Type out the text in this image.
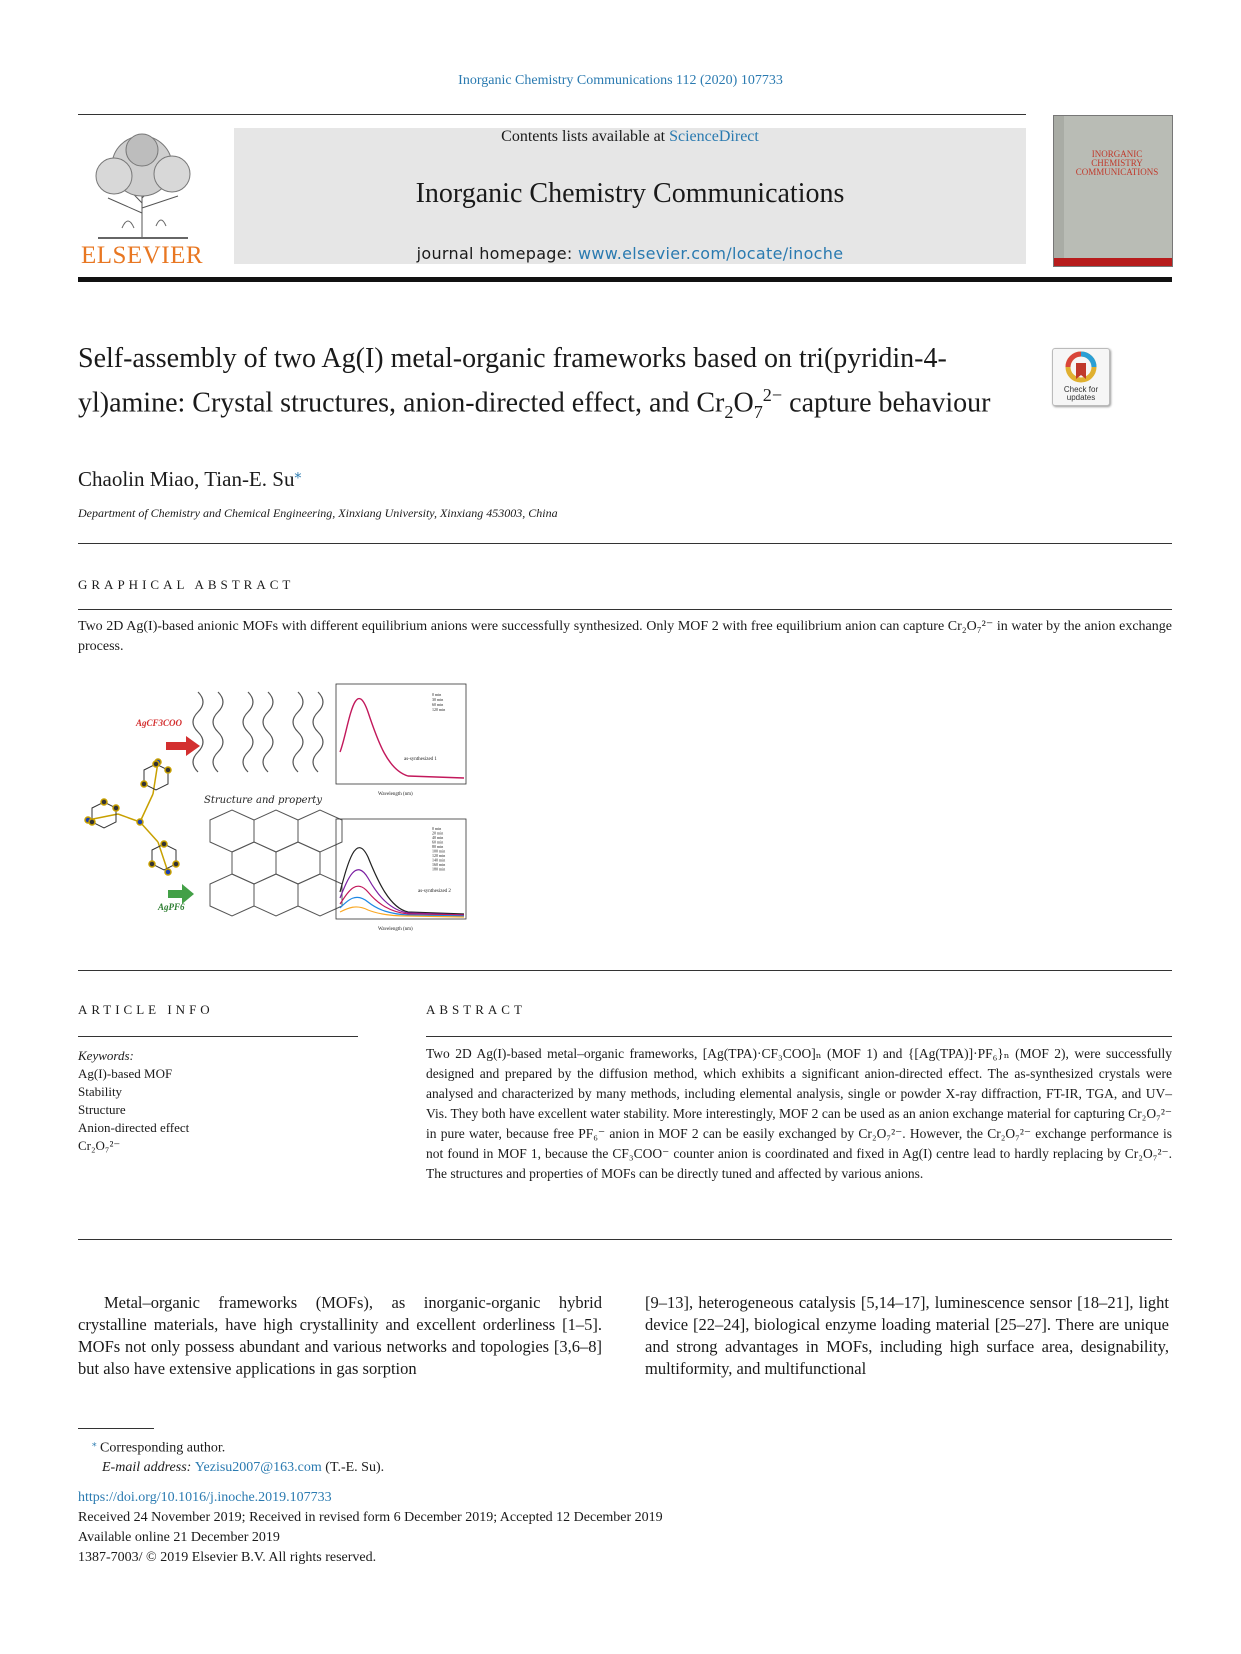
Inorganic Chemistry Communications 112 (2020) 107733
ELSEVIER
Contents lists available at ScienceDirect
Inorganic Chemistry Communications
journal homepage: www.elsevier.com/locate/inoche
INORGANIC CHEMISTRY COMMUNICATIONS
Self-assembly of two Ag(I) metal-organic frameworks based on tri(pyridin-4-yl)amine: Crystal structures, anion-directed effect, and $Cr_2O_7^{2-}$ capture behaviour	Check for updates
Chaolin Miao, Tian-E. Su⁎
Department of Chemistry and Chemical Engineering, Xinxiang University, Xinxiang 453003, China
GRAPHICAL ABSTRACT
Two 2D Ag(I)-based anionic MOFs with different equilibrium anions were successfully synthesized. Only MOF 2 with free equilibrium anion can capture Cr₂O₇²⁻ in water by the anion exchange process.
AgCF3COO
AgPF6
Structure and property
as-synthesized 1
Wavelength (nm)
as-synthesized 2
Wavelength (nm)
0 min
30 min
60 min
120 min
0 min
20 min
40 min
60 min
80 min
100 min
120 min
140 min
160 min
180 min
ARTICLE INFO	ABSTRACT
Keywords:
Ag(I)-based MOF
Stability
Structure
Anion-directed effect
Cr₂O₇²⁻
Two 2D Ag(I)-based metal–organic frameworks, [Ag(TPA)·CF₃COO]ₙ (MOF 1) and {[Ag(TPA)]·PF₆}ₙ (MOF 2), were successfully designed and prepared by the diffusion method, which exhibits a significant anion-directed effect. The as-synthesized crystals were analysed and characterized by many methods, including elemental analysis, single or powder X-ray diffraction, FT-IR, TGA, and UV–Vis. They both have excellent water stability. More interestingly, MOF 2 can be used as an anion exchange material for capturing Cr₂O₇²⁻ in pure water, because free PF₆⁻ anion in MOF 2 can be easily exchanged by Cr₂O₇²⁻. However, the Cr₂O₇²⁻ exchange performance is not found in MOF 1, because the CF₃COO⁻ counter anion is coordinated and fixed in Ag(I) centre lead to hardly replacing by Cr₂O₇²⁻. The structures and properties of MOFs can be directly tuned and affected by various anions.
Metal–organic frameworks (MOFs), as inorganic-organic hybrid crystalline materials, have high crystallinity and excellent orderliness [1–5]. MOFs not only possess abundant and various networks and topologies [3,6–8] but also have extensive applications in gas sorption
[9–13], heterogeneous catalysis [5,14–17], luminescence sensor [18–21], light device [22–24], biological enzyme loading material [25–27]. There are unique and strong advantages in MOFs, including high surface area, designability, multiformity, and multifunctional
⁎ Corresponding author.
E-mail address: Yezisu2007@163.com (T.-E. Su).
https://doi.org/10.1016/j.inoche.2019.107733
Received 24 November 2019; Received in revised form 6 December 2019; Accepted 12 December 2019
Available online 21 December 2019
1387-7003/ © 2019 Elsevier B.V. All rights reserved.
